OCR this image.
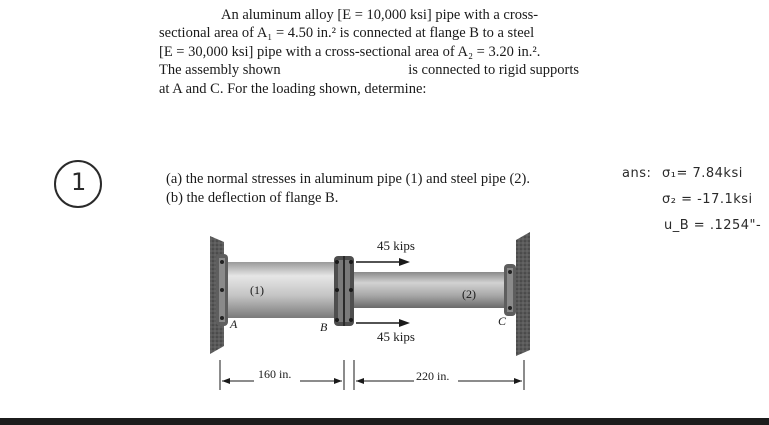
An aluminum alloy [E = 10,000 ksi] pipe with a cross-
sectional area of A₁ = 4.50 in.² is connected at flange B to a steel
[E = 30,000 ksi] pipe with a cross-sectional area of A₂ = 3.20 in.².
The assembly shown	is connected to rigid supports
at A and C. For the loading shown, determine:
1	(a) the normal stresses in aluminum pipe (1) and steel pipe (2).
(b) the deflection of flange B.
ans: σ₁= 7.84ksi
σ₂ = -17.1ksi
u_B = .1254"-
45 kips
45 kips
(1)	(2)
A	B	C
160 in.	220 in.
